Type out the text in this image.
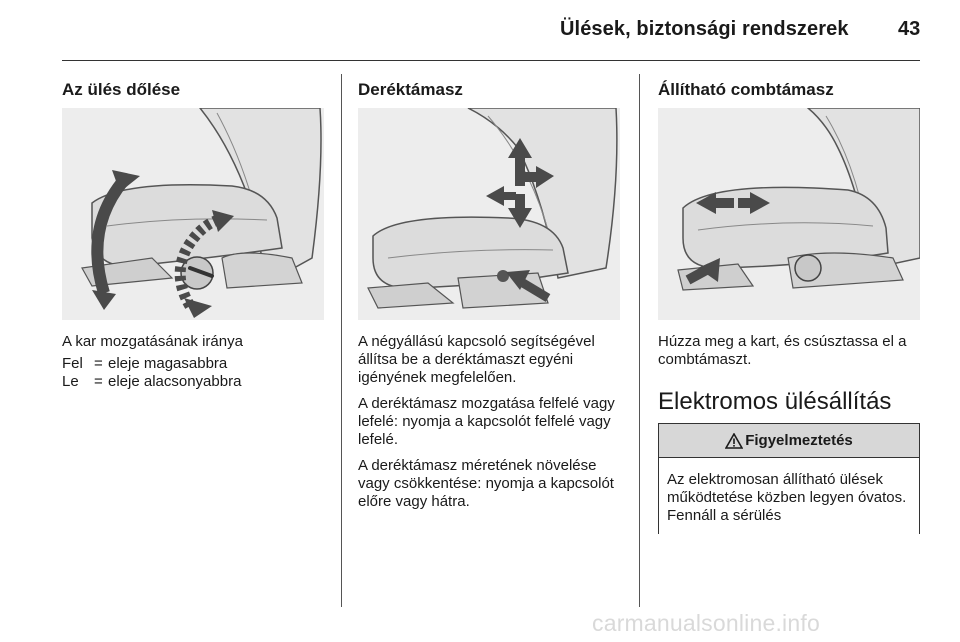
Ülések, biztonsági rendszerek 43
Az ülés dőlése
A kar mozgatásának iránya
Fel	=	eleje magasabbra
Le	=	eleje alacsonyabbra
Deréktámasz

A négyállású kapcsoló segítségével állítsa be a deréktámaszt egyéni igényének megfelelően.

A deréktámasz mozgatása felfelé vagy lefelé: nyomja a kapcsolót felfelé vagy lefelé.

A deréktámasz méretének növelése vagy csökkentése: nyomja a kapcsolót előre vagy hátra.

Állítható combtámasz
Húzza meg a kart, és csúsztassa el a combtámaszt.
Elektromos ülésállítás
Figyelmeztetés
Az elektromosan állítható ülések működtetése közben legyen óvatos. Fennáll a sérülés
carmanualsonline.info
